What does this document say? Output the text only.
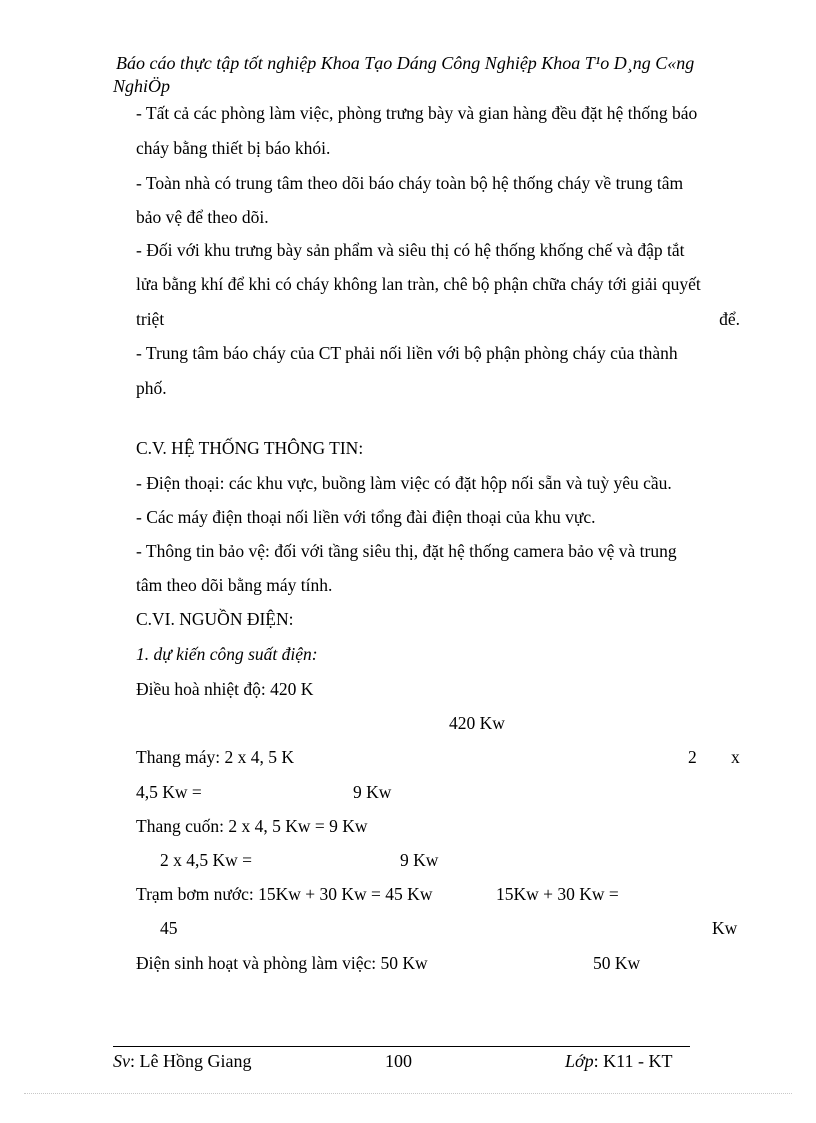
Báo cáo thực tập tốt nghiệp Khoa Tạo Dáng Công Nghiệp Khoa T¹o D¸ng C«ng
NghiÖp
- Tất cả các phòng làm việc, phòng trưng bày và gian hàng đều đặt hệ thống báo
cháy bằng thiết bị báo khói.
- Toàn nhà có trung tâm theo dõi báo cháy toàn bộ hệ thống cháy về trung tâm
bảo vệ để theo dõi.
- Đối với khu trưng bày sản phẩm và siêu thị có hệ thống khống chế và đập tắt
lửa bằng khí để khi có cháy không lan tràn, chê bộ phận chữa cháy tới giải quyết
triệt	để.
- Trung tâm báo cháy của CT phải nối liền với bộ phận phòng cháy của thành
phố.
C.V. HỆ THỐNG THÔNG TIN:
- Điện thoại: các khu vực, buồng làm việc có đặt hộp nối sẵn và tuỳ yêu cầu.
- Các máy điện thoại nối liền với tổng đài điện thoại của khu vực.
- Thông tin bảo vệ: đối với tầng siêu thị, đặt hệ thống camera bảo vệ và trung
tâm theo dõi bằng máy tính.
C.VI. NGUỒN ĐIỆN:
1. dự kiến công suất điện:
Điều hoà nhiệt độ: 420 K
420 Kw
Thang máy: 2 x 4, 5 K	2 x
4,5 Kw =	9 Kw
Thang cuốn: 2 x 4, 5 Kw = 9 Kw
2 x 4,5 Kw =	9 Kw
Trạm bơm nước: 15Kw + 30 Kw = 45 Kw	15Kw + 30 Kw =
45	Kw
Điện sinh hoạt và phòng làm việc: 50 Kw	50 Kw
Sv: Lê Hồng Giang	100	Lớp: K11 - KT
